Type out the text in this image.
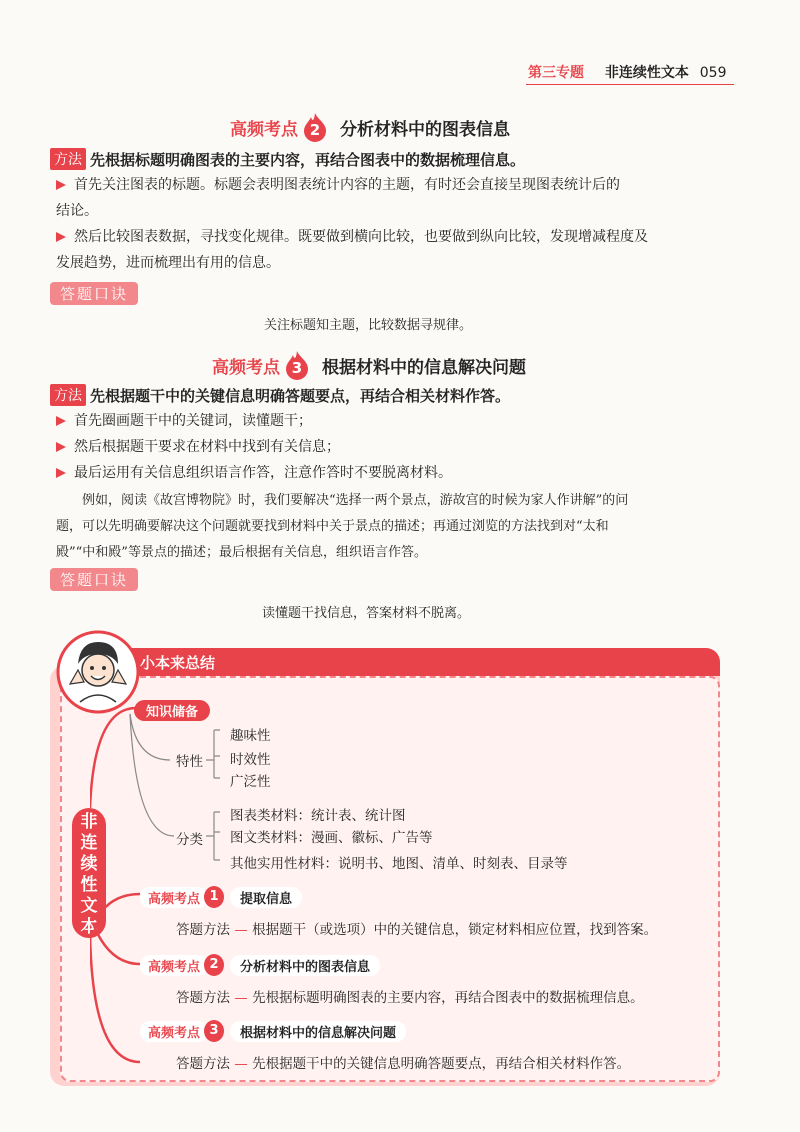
第三专题 非连续性文本 059
高频考点 2	分析材料中的图表信息
方法 先根据标题明确图表的主要内容，再结合图表中的数据梳理信息。
首先关注图表的标题。标题会表明图表统计内容的主题，有时还会直接呈现图表统计后的
结论。
然后比较图表数据，寻找变化规律。既要做到横向比较，也要做到纵向比较，发现增减程度及
发展趋势，进而梳理出有用的信息。
答题口诀
关注标题知主题，比较数据寻规律。
高频考点 3	根据材料中的信息解决问题
方法 先根据题干中的关键信息明确答题要点，再结合相关材料作答。
首先圈画题干中的关键词，读懂题干；
然后根据题干要求在材料中找到有关信息；
最后运用有关信息组织语言作答，注意作答时不要脱离材料。
例如，阅读《故宫博物院》时，我们要解决“选择一两个景点，游故宫的时候为家人作讲解”的问
题，可以先明确要解决这个问题就要找到材料中关于景点的描述；再通过浏览的方法找到对“太和
殿”“中和殿”等景点的描述；最后根据有关信息，组织语言作答。
答题口诀
读懂题干找信息，答案材料不脱离。
小本来总结
非
连
续
性
文
本
知识储备
特性
趣味性
时效性
广泛性
分类
图表类材料：统计表、统计图
图文类材料：漫画、徽标、广告等
其他实用性材料：说明书、地图、清单、时刻表、目录等
高频考点 1	提取信息
答题方法 — 根据题干（或选项）中的关键信息，锁定材料相应位置，找到答案。
高频考点 2	分析材料中的图表信息
答题方法 — 先根据标题明确图表的主要内容，再结合图表中的数据梳理信息。
高频考点 3	根据材料中的信息解决问题
答题方法 — 先根据题干中的关键信息明确答题要点，再结合相关材料作答。
